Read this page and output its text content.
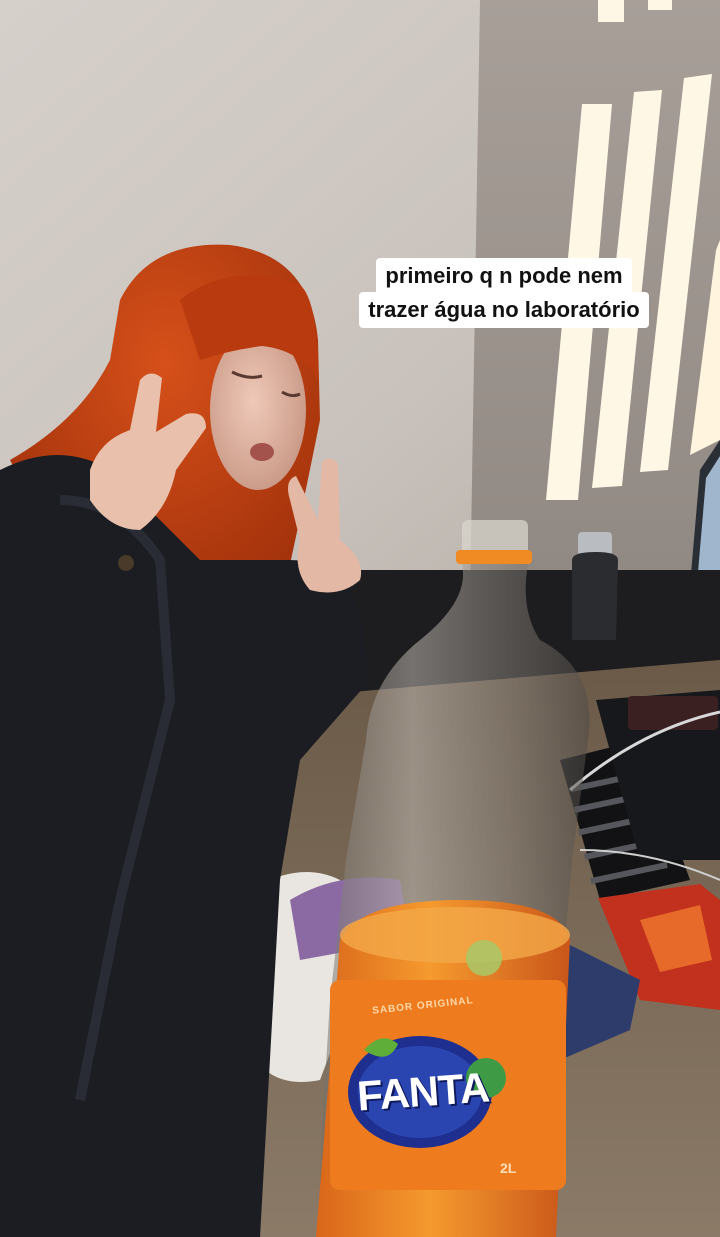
SABOR ORIGINAL
FANTA
2L
primeiro q n pode nem
trazer água no laboratório
